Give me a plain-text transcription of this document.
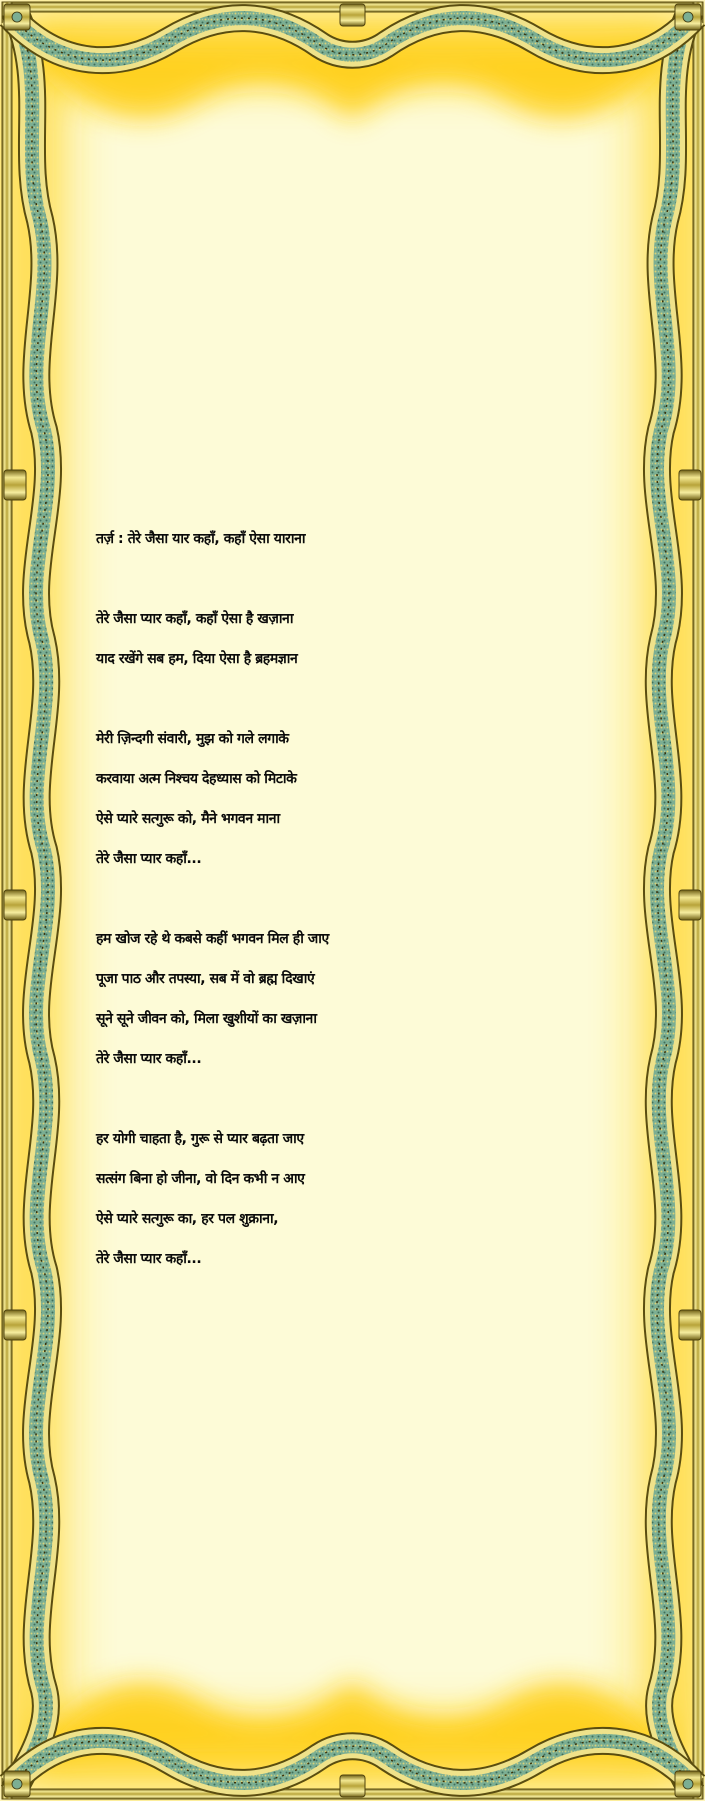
तर्ज़ : तेरे जैसा यार कहाँ, कहाँ ऐसा याराना
तेरे जैसा प्यार कहाँ, कहाँ ऐसा है खज़ाना
याद रखेंगे सब हम, दिया ऐसा है ब्रहमज्ञान
मेरी ज़िन्दगी संवारी, मुझ को गले लगाके
करवाया अत्म निश्चय देहध्यास को मिटाके
ऐसे प्यारे सत्गुरू को, मैने भगवन माना
तेरे जैसा प्यार कहाँ...
हम खोज रहे थे कबसे कहीं भगवन मिल ही जाए
पूजा पाठ और तपस्या, सब में वो ब्रह्म दिखाएं
सूने सूने जीवन को, मिला खुशीयों का खज़ाना
तेरे जैसा प्यार कहाँ...
हर योगी चाहता है, गुरू से प्यार बढ़ता जाए
सत्संग बिना हो जीना, वो दिन कभी न आए
ऐसे प्यारे सत्गुरू का, हर पल शुक्राना,
तेरे जैसा प्यार कहाँ...
